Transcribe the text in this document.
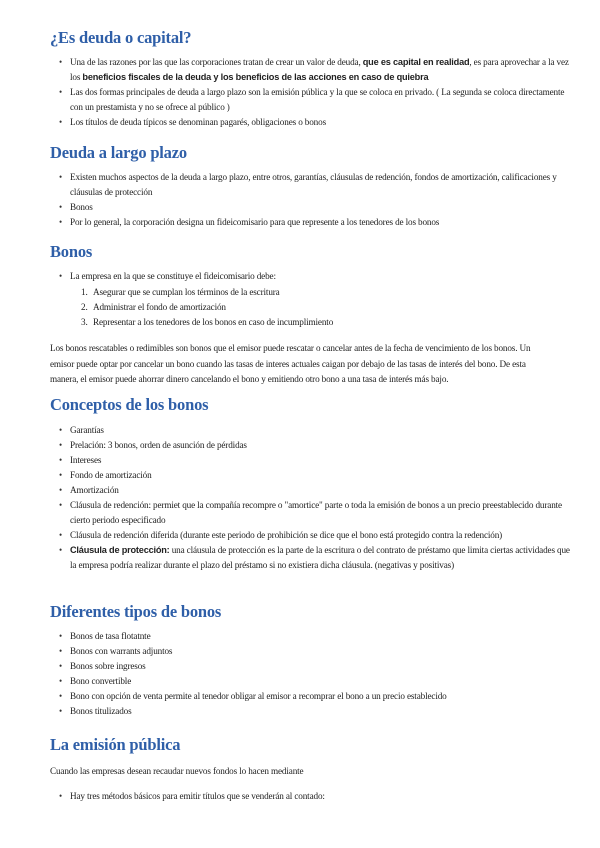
¿Es deuda o capital?
• Una de las razones por las que las corporaciones tratan de crear un valor de deuda, que es capital en realidad, es para aprovechar a la vez los beneficios fiscales de la deuda y los beneficios de las acciones en caso de quiebra
• Las dos formas principales de deuda a largo plazo son la emisión pública y la que se coloca en privado. ( La segunda se coloca directamente con un prestamista y no se ofrece al público )
• Los títulos de deuda típicos se denominan pagarés, obligaciones o bonos
Deuda a largo plazo
• Existen muchos aspectos de la deuda a largo plazo, entre otros, garantías, cláusulas de redención, fondos de amortización, calificaciones y cláusulas de protección
• Bonos
• Por lo general, la corporación designa un fideicomisario para que represente a los tenedores de los bonos
Bonos
• La empresa en la que se constituye el fideicomisario debe:
1. Asegurar que se cumplan los términos de la escritura
2. Administrar el fondo de amortización
3. Representar a los tenedores de los bonos en caso de incumplimiento

Los bonos rescatables o redimibles son bonos que el emisor puede rescatar o cancelar antes de la fecha de vencimiento de los bonos. Un emisor puede optar por cancelar un bono cuando las tasas de interes actuales caigan por debajo de las tasas de interés del bono. De esta manera, el emisor puede ahorrar dinero cancelando el bono y emitiendo otro bono a una tasa de interés más bajo.

Conceptos de los bonos
• Garantías
• Prelación: 3 bonos, orden de asunción de pérdidas
• Intereses
• Fondo de amortización
• Amortización
• Cláusula de redención: permiet que la compañía recompre o "amortice" parte o toda la emisión de bonos a un precio preestablecido durante cierto periodo especificado
• Cláusula de redención diferida (durante este periodo de prohibición se dice que el bono está protegido contra la redención)
• Cláusula de protección: una cláusula de protección es la parte de la escritura o del contrato de préstamo que limita ciertas actividades que la empresa podría realizar durante el plazo del préstamo si no existiera dicha cláusula. (negativas y positivas)
Diferentes tipos de bonos
• Bonos de tasa flotatnte
• Bonos con warrants adjuntos
• Bonos sobre ingresos
• Bono convertible
• Bono con opción de venta permite al tenedor obligar al emisor a recomprar el bono a un precio establecido
• Bonos titulizados
La emisión pública

Cuando las empresas desean recaudar nuevos fondos lo hacen mediante

• Hay tres métodos básicos para emitir títulos que se venderán al contado:
